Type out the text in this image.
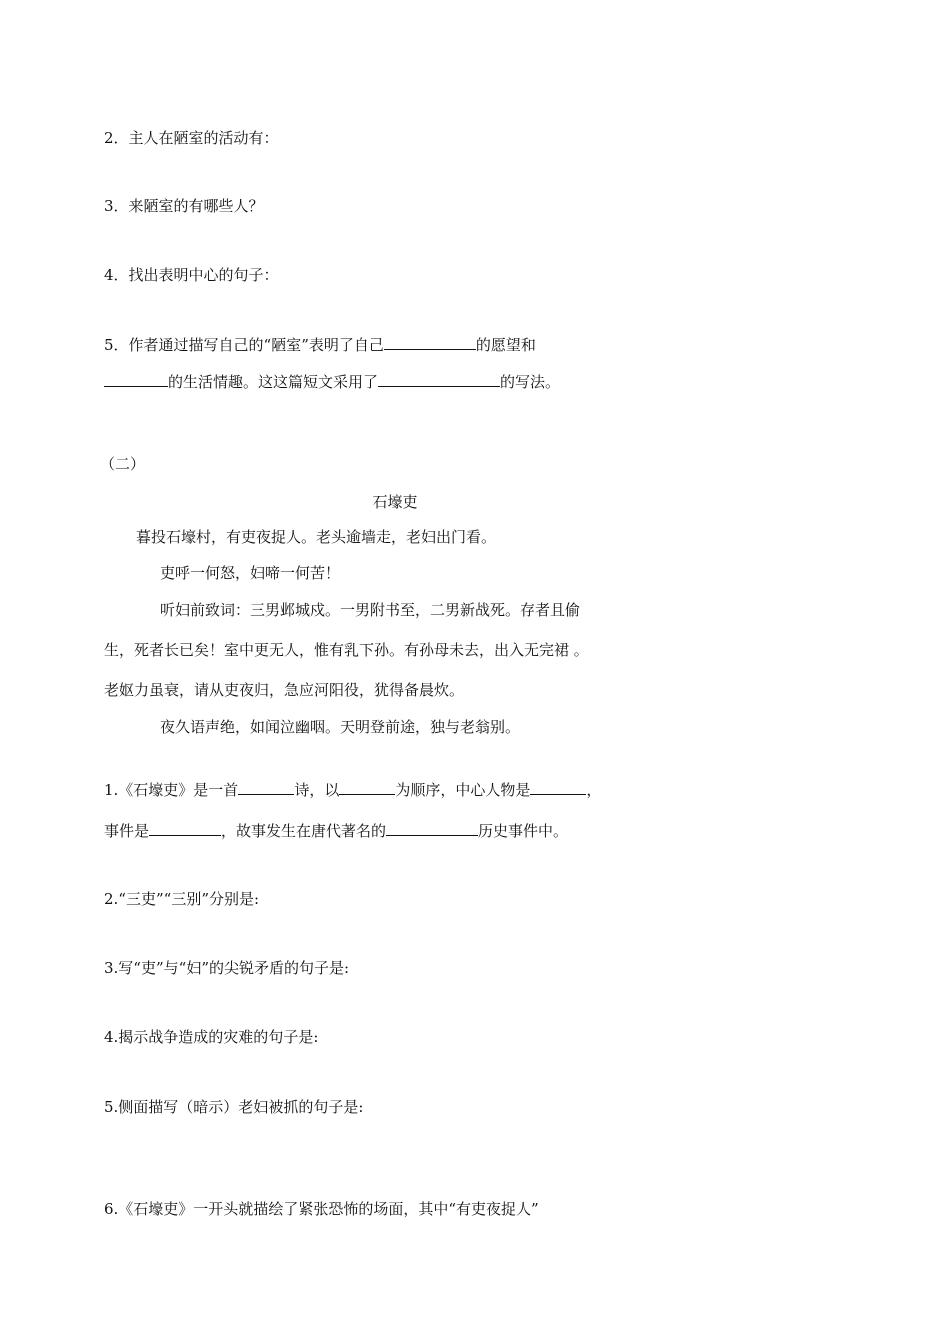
2．主人在陋室的活动有：
3．来陋室的有哪些人？
4．找出表明中心的句子：
5．作者通过描写自己的“陋室”表明了自己	的愿望和
的生活情趣。这这篇短文采用了	的写法。
（二）
石壕吏
暮投石壕村，有吏夜捉人。老头逾墙走，老妇出门看。
吏呼一何怒，妇啼一何苦！
听妇前致词：三男邺城戍。一男附书至，二男新战死。存者且偷
生，死者长已矣！室中更无人，惟有乳下孙。有孙母未去，出入无完裙 。
老妪力虽衰，请从吏夜归，急应河阳役，犹得备晨炊。
夜久语声绝，如闻泣幽咽。天明登前途，独与老翁别。
1.《石壕吏》是一首	诗，以	为顺序，中心人物是	，
事件是	，故事发生在唐代著名的	历史事件中。
2.“三吏”“三别”分别是:
3.写“吏”与“妇”的尖锐矛盾的句子是:
4.揭示战争造成的灾难的句子是:
5.侧面描写（暗示）老妇被抓的句子是:
6.《石壕吏》一开头就描绘了紧张恐怖的场面，其中“有吏夜捉人”
